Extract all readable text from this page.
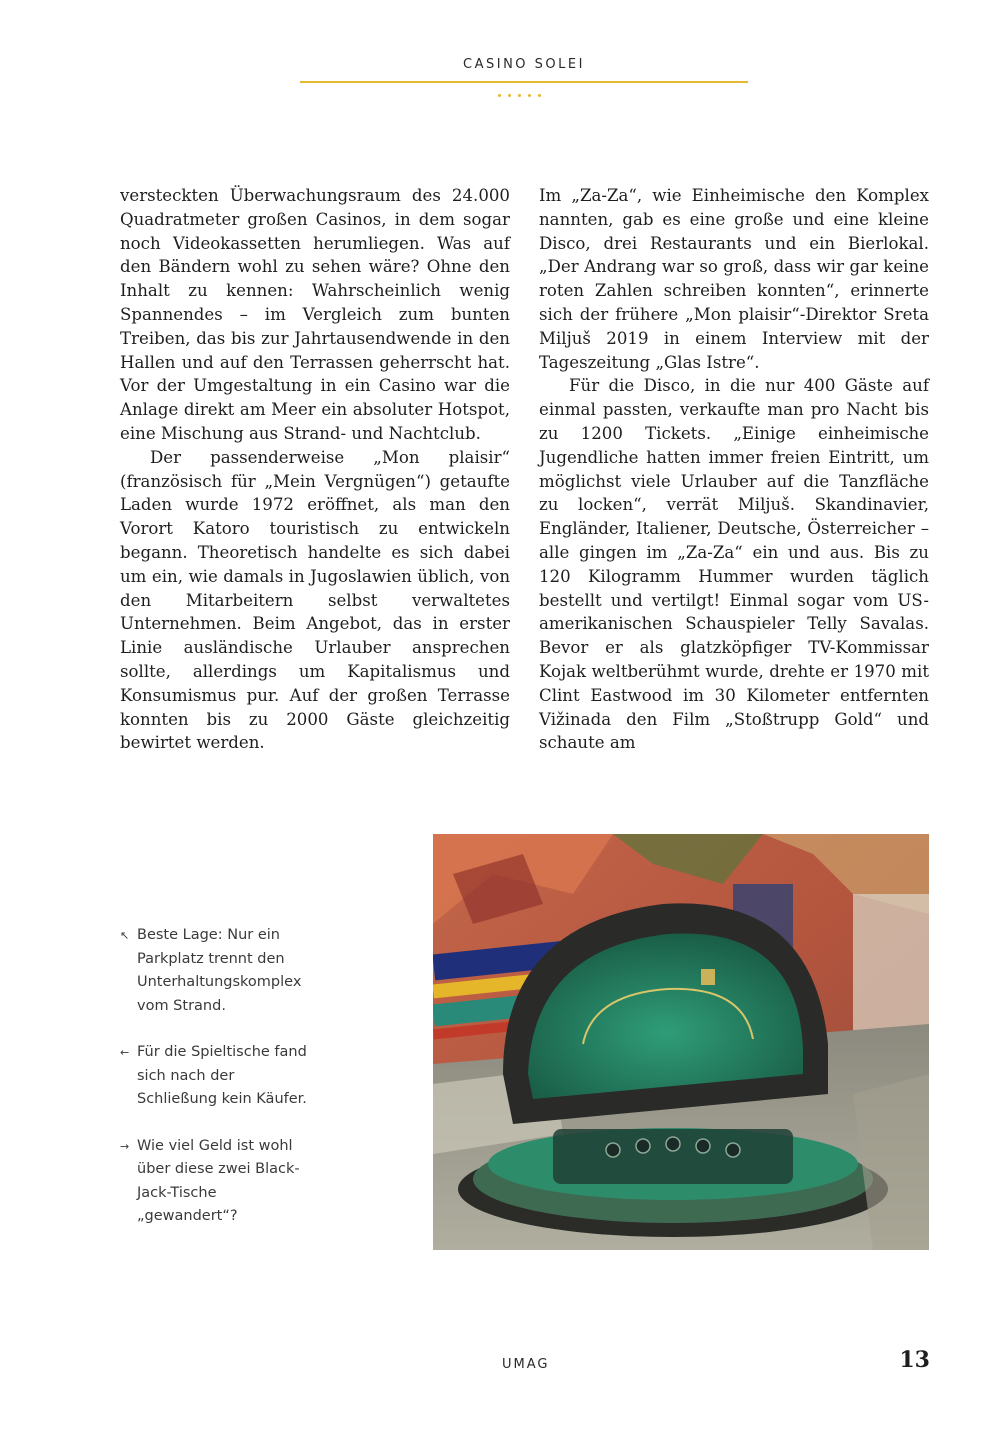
CASINO SOLEI

versteckten Überwachungsraum des 24.000 Quadratmeter großen Casinos, in dem sogar noch Videokassetten herumliegen. Was auf den Bändern wohl zu sehen wäre? Ohne den Inhalt zu kennen: Wahrscheinlich wenig Spannendes – im Vergleich zum bunten Treiben, das bis zur Jahrtausendwende in den Hallen und auf den Terrassen geherrscht hat. Vor der Umgestaltung in ein Casino war die Anlage direkt am Meer ein absoluter Hotspot, eine Mischung aus Strand- und Nachtclub.

Der passenderweise „Mon plaisir“ (französisch für „Mein Vergnügen“) getaufte Laden wurde 1972 eröffnet, als man den Vorort Katoro touristisch zu entwickeln begann. Theoretisch handelte es sich dabei um ein, wie damals in Jugoslawien üblich, von den Mitarbeitern selbst verwaltetes Unternehmen. Beim Angebot, das in erster Linie ausländische Urlauber ansprechen sollte, allerdings um Kapitalismus und Konsumismus pur. Auf der großen Terrasse konnten bis zu 2000 Gäste gleichzeitig bewirtet werden.

Im „Za-Za“, wie Einheimische den Komplex nannten, gab es eine große und eine kleine Disco, drei Restaurants und ein Bierlokal. „Der Andrang war so groß, dass wir gar keine roten Zahlen schreiben konnten“, erinnerte sich der frühere „Mon plaisir“-Direktor Sreta Miljuš 2019 in einem Interview mit der Tageszeitung „Glas Istre“.

Für die Disco, in die nur 400 Gäste auf einmal passten, verkaufte man pro Nacht bis zu 1200 Tickets. „Einige einheimische Jugendliche hatten immer freien Eintritt, um möglichst viele Urlauber auf die Tanzfläche zu locken“, verrät Miljuš. Skandinavier, Engländer, Italiener, Deutsche, Österreicher – alle gingen im „Za-Za“ ein und aus. Bis zu 120 Kilogramm Hummer wurden täglich bestellt und vertilgt! Einmal sogar vom US-amerikanischen Schauspieler Telly Savalas. Bevor er als glatzköpfiger TV-Kommissar Kojak weltberühmt wurde, drehte er 1970 mit Clint Eastwood im 30 Kilometer entfernten Vižinada den Film „Stoßtrupp Gold“ und schaute am

↖ Beste Lage: Nur ein Parkplatz trennt den Unterhaltungskomplex vom Strand.
← Für die Spieltische fand sich nach der Schließung kein Käufer.
→ Wie viel Geld ist wohl über diese zwei Black-Jack-Tische „gewandert“?
UMAG	13
